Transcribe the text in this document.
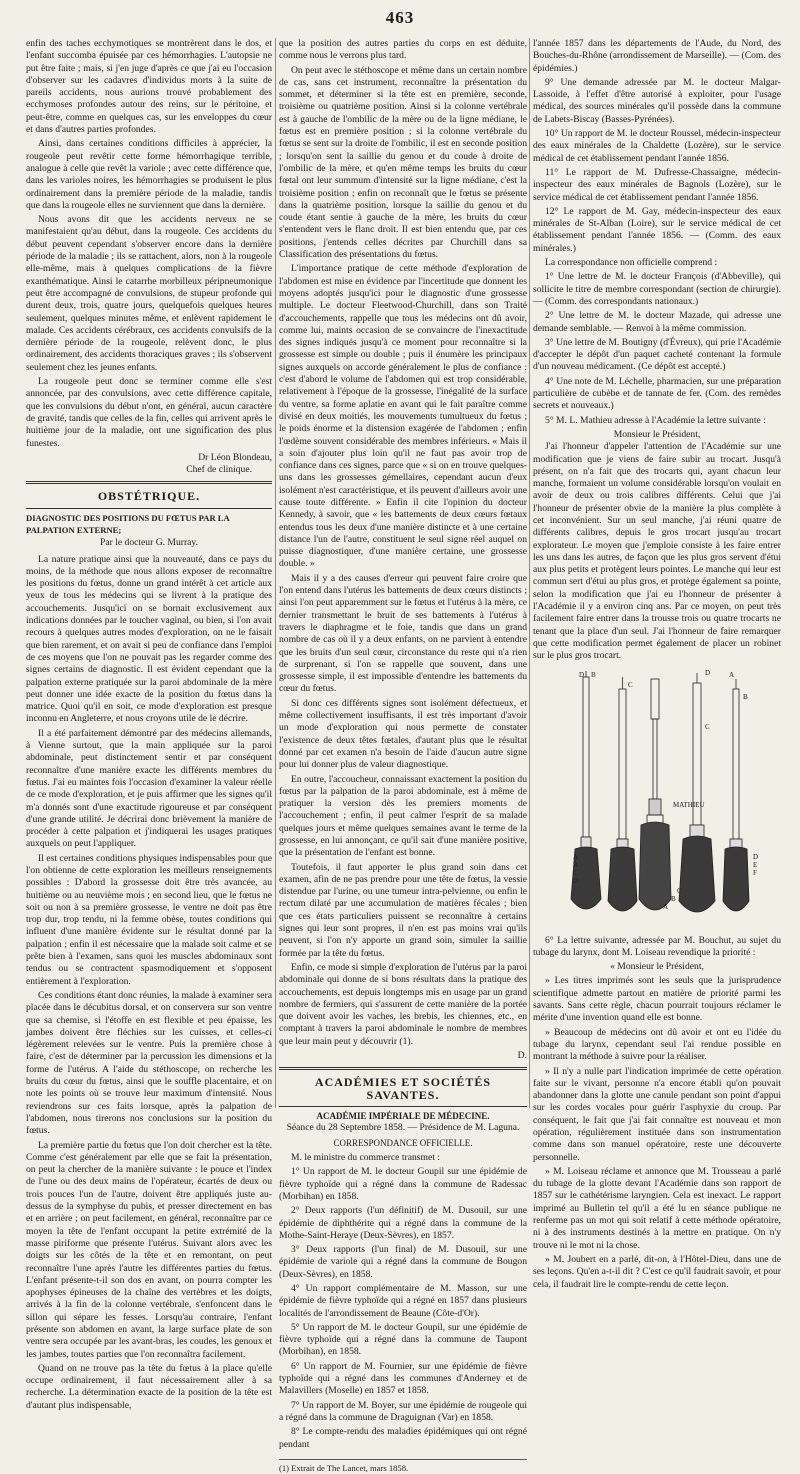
463

enfin des taches ecchymotiques se montrèrent dans le dos, et l'enfant succomba épuisée par ces hémorrhagies. L'autopsie ne put être faite ; mais, si j'en juge d'après ce que j'ai eu l'occasion d'observer sur les cadavres d'individus morts à la suite de pareils accidents, nous aurions trouvé probablement des ecchymoses profondes autour des reins, sur le péritoine, et peut-être, comme en quelques cas, sur les enveloppes du cœur et dans d'autres parties profondes.

Ainsi, dans certaines conditions difficiles à apprécier, la rougeole peut revêtir cette forme hémorrhagique terrible, analogue à celle que revêt la variole ; avec cette différence que, dans les varioles noires, les hémorrhagies se produisent le plus ordinairement dans la première période de la maladie, tandis que dans la rougeole elles ne surviennent que dans la dernière.

Nous avons dit que les accidents nerveux ne se manifestaient qu'au début, dans la rougeole. Ces accidents du début peuvent cependant s'observer encore dans la dernière période de la maladie ; ils se rattachent, alors, non à la rougeole elle-même, mais à quelques complications de la fièvre exanthématique. Ainsi le catarrhe morbilleux péripneumonique peut être accompagné de convulsions, de stupeur profonde qui durent deux, trois, quatre jours, quelquefois quelques heures seulement, quelques minutes même, et enlèvent rapidement le malade. Ces accidents cérébraux, ces accidents convulsifs de la dernière période de la rougeole, relèvent donc, le plus ordinairement, des accidents thoraciques graves ; ils s'observent seulement chez les jeunes enfants.

La rougeole peut donc se terminer comme elle s'est annoncée, par des convulsions, avec cette différence capitale, que les convulsions du début n'ont, en général, aucun caractère de gravité, tandis que celles de la fin, celles qui arrivent après le huitième jour de la maladie, ont une signification des plus funestes.

Dr Léon Blondeau,

Chef de clinique.

OBSTÉTRIQUE.
DIAGNOSTIC DES POSITIONS DU FŒTUS PAR LA PALPATION EXTERNE;
Par le docteur G. Murray.

La nature pratique ainsi que la nouveauté, dans ce pays du moins, de la méthode que nous allons exposer de reconnaître les positions du fœtus, donne un grand intérêt à cet article aux yeux de tous les médecins qui se livrent à la pratique des accouchements. Jusqu'ici on se bornait exclusivement aux indications données par le toucher vaginal, ou bien, si l'on avait recours à quelques autres modes d'exploration, on ne le faisait que bien rarement, et on avait si peu de confiance dans l'emploi de ces moyens que l'on ne pouvait pas les regarder comme des signes certains de diagnostic. Il est évident cependant que la palpation externe pratiquée sur la paroi abdominale de la mère peut donner une idée exacte de la position du fœtus dans la matrice. Quoi qu'il en soit, ce mode d'exploration est presque inconnu en Angleterre, et nous croyons utile de le décrire.

Il a été parfaitement démontré par des médecins allemands, à Vienne surtout, que la main appliquée sur la paroi abdominale, peut distinctement sentir et par conséquent reconnaître d'une manière exacte les différents membres du fœtus. J'ai eu maintes fois l'occasion d'examiner la valeur réelle de ce mode d'exploration, et je puis affirmer que les signes qu'il m'a donnés sont d'une exactitude rigoureuse et par conséquent d'une grande utilité. Je décrirai donc brièvement la manière de procéder à cette palpation et j'indiquerai les usages pratiques auxquels on peut l'appliquer.

Il est certaines conditions physiques indispensables pour que l'on obtienne de cette exploration les meilleurs renseignements possibles : D'abord la grossesse doit être très avancée, au huitième ou au neuvième mois ; en second lieu, que le fœtus ne soit ou non à sa première grossesse, le ventre ne doit pas être trop dur, trop tendu, ni la femme obèse, toutes conditions qui influent d'une manière évidente sur le résultat donné par la palpation ; enfin il est nécessaire que la malade soit calme et se prête bien à l'examen, sans quoi les muscles abdominaux sont tendus ou se contractent spasmodiquement et s'opposent entièrement à l'exploration.

Ces conditions étant donc réunies, la malade à examiner sera placée dans le décubitus dorsal, et on conservera sur son ventre que sa chemise, si l'étoffe en est flexible et peu épaisse, les jambes doivent être fléchies sur les cuisses, et celles-ci légèrement relevées sur le ventre. Puis la première chose à faire, c'est de déterminer par la percussion les dimensions et la forme de l'utérus. A l'aide du stéthoscope, on recherche les bruits du cœur du fœtus, ainsi que le souffle placentaire, et on note les points où se trouve leur maximum d'intensité. Nous reviendrons sur ces faits lorsque, après la palpation de l'abdomen, nous tirerons nos conclusions sur la position du fœtus.

La première partie du fœtus que l'on doit chercher est la tête. Comme c'est généralement par elle que se fait la présentation, on peut la chercher de la manière suivante : le pouce et l'index de l'une ou des deux mains de l'opérateur, écartés de deux ou trois pouces l'un de l'autre, doivent être appliqués juste au-dessus de la symphyse du pubis, et presser directement en bas et en arrière ; on peut facilement, en général, reconnaître par ce moyen la tête de l'enfant occupant la petite extrémité de la masse piriforme que présente l'utérus. Suivant alors avec les doigts sur les côtés de la tête et en remontant, on peut reconnaître l'une après l'autre les différentes parties du fœtus. L'enfant présente-t-il son dos en avant, on pourra compter les apophyses épineuses de la chaîne des vertèbres et les doigts, arrivés à la fin de la colonne vertébrale, s'enfoncent dans le sillon qui sépare les fesses. Lorsqu'au contraire, l'enfant présente son abdomen en avant, la large surface plate de son ventre sera occupée par les avant-bras, les coudes, les genoux et les jambes, toutes parties que l'on reconnaîtra facilement.

Quand on ne trouve pas la tête du fœtus à la place qu'elle occupe ordinairement, il faut nécessairement aller à sa recherche. La détermination exacte de la position de la tête est d'autant plus indispensable,

que la position des autres parties du corps en est déduite, comme nous le verrons plus tard.

On peut avec le stéthoscope et même dans un certain nombre de cas, sans cet instrument, reconnaître la présentation du sommet, et déterminer si la tête est en première, seconde, troisième ou quatrième position. Ainsi si la colonne vertébrale est à gauche de l'ombilic de la mère ou de la ligne médiane, le fœtus est en première position ; si la colonne vertébrale du fœtus se sent sur la droite de l'ombilic, il est en seconde position ; lorsqu'on sent la saillie du genou et du coude à droite de l'ombilic de la mère, et qu'en même temps les bruits du cœur fœtal ont leur summum d'intensité sur la ligne médiane, c'est la troisième position ; enfin on reconnaît que le fœtus se présente dans la quatrième position, lorsque la saillie du genou et du coude étant sentie à gauche de la mère, les bruits du cœur s'entendent vers le flanc droit. Il est bien entendu que, par ces positions, j'entends celles décrites par Churchill dans sa Classification des présentations du fœtus.

L'importance pratique de cette méthode d'exploration de l'abdomen est mise en évidence par l'incertitude que donnent les moyens adoptés jusqu'ici pour le diagnostic d'une grossesse multiple. Le docteur Fleetwood-Churchill, dans son Traité d'accouchements, rappelle que tous les médecins ont dû avoir, comme lui, maints occasion de se convaincre de l'inexactitude des signes indiqués jusqu'à ce moment pour reconnaître si la grossesse est simple ou double ; puis il énumère les principaux signes auxquels on accorde généralement le plus de confiance : c'est d'abord le volume de l'abdomen qui est trop considérable, relativement à l'époque de la grossesse, l'inégalité de la surface du ventre, sa forme aplatie en avant qui le fait paraître comme divisé en deux moitiés, les mouvements tumultueux du fœtus ; le poids énorme et la distension exagérée de l'abdomen ; enfin l'œdème souvent considérable des membres inférieurs. « Mais il a soin d'ajouter plus loin qu'il ne faut pas avoir trop de confiance dans ces signes, parce que « si on en trouve quelques-uns dans les grossesses gémellaires, cependant aucun d'eux isolément n'est caractéristique, et ils peuvent d'ailleurs avoir une cause toute différente. » Enfin il cite l'opinion du docteur Kennedy, à savoir, que « les battements de deux cœurs fœtaux entendus tous les deux d'une manière distincte et à une certaine distance l'un de l'autre, constituent le seul signe réel auquel on puisse diagnostiquer, d'une manière certaine, une grossesse double. »

Mais il y a des causes d'erreur qui peuvent faire croire que l'on entend dans l'utérus les battements de deux cœurs distincts ; ainsi l'on peut apparemment sur le fœtus et l'utérus à la mère, ce dernier transmettant le bruit de ses battements à l'utérus à travers le diaphragme et le foie, tandis que dans un grand nombre de cas où il y a deux enfants, on ne parvient à entendre que les bruits d'un seul cœur, circonstance du reste qui n'a rien de surprenant, si l'on se rappelle que souvent, dans une grossesse simple, il est impossible d'entendre les battements du cœur du fœtus.

Si donc ces différents signes sont isolément défectueux, et même collectivement insuffisants, il est très important d'avoir un mode d'exploration qui nous permette de constater l'existence de deux têtes fœtales, d'autant plus que le résultat donné par cet examen n'a besoin de l'aide d'aucun autre signe pour lui donner plus de valeur diagnostique.

En outre, l'accoucheur, connaissant exactement la position du fœtus par la palpation de la paroi abdominale, est à même de pratiquer la version dès les premiers moments de l'accouchement ; enfin, il peut calmer l'esprit de sa malade quelques jours et même quelques semaines avant le terme de la grossesse, en lui annonçant, ce qu'il sait d'une manière positive, que la présentation de l'enfant est bonne.

Toutefois, il faut apporter le plus grand soin dans cet examen, afin de ne pas prendre pour une tête de fœtus, la vessie distendue par l'urine, ou une tumeur intra-pelvienne, ou enfin le rectum dilaté par une accumulation de matières fécales ; bien que ces états particuliers puissent se reconnaître à certains signes qui leur sont propres, il n'en est pas moins vrai qu'ils peuvent, si l'on n'y apporte un grand soin, simuler la saillie formée par la tête du fœtus.

Enfin, ce mode si simple d'exploration de l'utérus par la paroi abdominale qui donne de si bons résultats dans la pratique des accouchements, est depuis longtemps mis en usage par un grand nombre de fermiers, qui s'assurent de cette manière de la portée que doivent avoir les vaches, les brebis, les chiennes, etc., en comptant à travers la paroi abdominale le nombre de membres que leur main peut y découvrir (1).

D.

ACADÉMIES ET SOCIÉTÉS SAVANTES.
ACADÉMIE IMPÉRIALE DE MÉDECINE.
Séance du 28 Septembre 1858. — Présidence de M. Laguna.
CORRESPONDANCE OFFICIELLE.

M. le ministre du commerce transmet :

1° Un rapport de M. le docteur Goupil sur une épidémie de fièvre typhoïde qui a régné dans la commune de Radessac (Morbihan) en 1858.

2° Deux rapports (l'un définitif) de M. Dusouil, sur une épidémie de diphthérite qui a régné dans la commune de la Mothe-Saint-Heraye (Deux-Sèvres), en 1857.

3° Deux rapports (l'un final) de M. Dusouil, sur une épidémie de variole qui a régné dans la commune de Bougon (Deux-Sèvres), en 1858.

4° Un rapport complémentaire de M. Masson, sur une épidémie de fièvre typhoïde qui a régné en 1857 dans plusieurs localités de l'arrondissement de Beaune (Côte-d'Or).

5° Un rapport de M. le docteur Goupil, sur une épidémie de fièvre typhoïde qui a régné dans la commune de Taupont (Morbihan), en 1858.

6° Un rapport de M. Fournier, sur une épidémie de fièvre typhoïde qui a régné dans les communes d'Anderney et de Malavillers (Moselle) en 1857 et 1858.

7° Un rapport de M. Boyer, sur une épidémie de rougeole qui a régné dans la commune de Draguignan (Var) en 1858.

8° Le compte-rendu des maladies épidémiques qui ont régné pendant

(1) Extrait de The Lancet, mars 1858.

l'année 1857 dans les départements de l'Aude, du Nord, des Bouches-du-Rhône (arrondissement de Marseille). — (Com. des épidémies.)

9° Une demande adressée par M. le docteur Malgar-Lassoide, à l'effet d'être autorisé à exploiter, pour l'usage médical, des sources minérales qu'il possède dans la commune de Labets-Biscay (Basses-Pyrénées).

10° Un rapport de M. le docteur Roussel, médecin-inspecteur des eaux minérales de la Chaldette (Lozère), sur le service médical de cet établissement pendant l'année 1856.

11° Le rapport de M. Dufresse-Chassaigne, médecin-inspecteur des eaux minérales de Bagnols (Lozère), sur le service médical de cet établissement pendant l'année 1856.

12° Le rapport de M. Gay, médecin-inspecteur des eaux minérales de St-Alban (Loire), sur le service médical de cet établissement pendant l'année 1856. — (Comm. des eaux minérales.)

La correspondance non officielle comprend :

1° Une lettre de M. le docteur François (d'Abbeville), qui sollicite le titre de membre correspondant (section de chirurgie). — (Comm. des correspondants nationaux.)

2° Une lettre de M. le docteur Mazade, qui adresse une demande semblable. — Renvoi à la même commission.

3° Une lettre de M. Boutigny (d'Évreux), qui prie l'Académie d'accepter le dépôt d'un paquet cacheté contenant la formule d'un nouveau médicament. (Ce dépôt est accepté.)

4° Une note de M. Léchelle, pharmacien, sur une préparation particulière de cubèbe et de tannate de fer. (Com. des remèdes secrets et nouveaux.)

5° M. L. Mathieu adresse à l'Académie la lettre suivante :

Monsieur le Président,

J'ai l'honneur d'appeler l'attention de l'Académie sur une modification que je viens de faire subir au trocart. Jusqu'à présent, on n'a fait que des trocarts qui, ayant chacun leur manche, formaient un volume considérable lorsqu'on voulait en avoir de deux ou trois calibres différents. Celui que j'ai l'honneur de présenter obvie de la manière la plus complète à cet inconvénient. Sur un seul manche, j'ai réuni quatre de différents calibres, depuis le gros trocart jusqu'au trocart explorateur. Le moyen que j'emploie consiste à les faire entrer les uns dans les autres, de façon que les plus gros servent d'étui aux plus petits et protègent leurs pointes. Le manche qui leur est commun sert d'étui au plus gros, et protège également sa pointe, selon la modification que j'ai eu l'honneur de présenter à l'Académie il y a environ cinq ans. Par ce moyen, on peut très facilement faire entrer dans la trousse trois ou quatre trocarts ne tenant que la place d'un seul. J'ai l'honneur de faire remarquer que cette modification permet également de placer un robinet sur le plus gros trocart.

D B
C
A
B
C
D
D
C
B
A
MATHIEU
A
B
C
D
E
F

6° La lettre suivante, adressée par M. Bouchut, au sujet du tubage du larynx, dont M. Loiseau revendique la priorité :

« Monsieur le Président,

» Les titres imprimés sont les seuls que la jurisprudence scientifique admette partout en matière de priorité parmi les savants. Sans cette règle, chacun pourrait toujours réclamer le mérite d'une invention quand elle est bonne.

» Beaucoup de médecins ont dû avoir et ont eu l'idée du tubage du larynx, cependant seul l'ai rendue possible en montrant la méthode à suivre pour la réaliser.

» Il n'y a nulle part l'indication imprimée de cette opération faite sur le vivant, personne n'a encore établi qu'on pouvait abandonner dans la glotte une canule pendant son point d'appui sur les cordes vocales pour guérir l'asphyxie du croup. Par conséquent, le fait que j'ai fait connaître est nouveau et mon opération, régulièrement instituée dans son instrumentation comme dans son manuel opératoire, reste une découverte personnelle.

» M. Loiseau réclame et annonce que M. Trousseau a parlé du tubage de la glotte devant l'Académie dans son rapport de 1857 sur le cathétérisme laryngien. Cela est inexact. Le rapport imprimé au Bulletin tel qu'il a été lu en séance publique ne renferme pas un mot qui soit relatif à cette méthode opératoire, ni à des instruments destinés à la mettre en pratique. On n'y trouve ni le mot ni la chose.

» M. Joubert en a parlé, dit-on, à l'Hôtel-Dieu, dans une de ses leçons. Qu'en a-t-il dit ? C'est ce qu'il faudrait savoir, et pour cela, il faudrait lire le compte-rendu de cette leçon.
